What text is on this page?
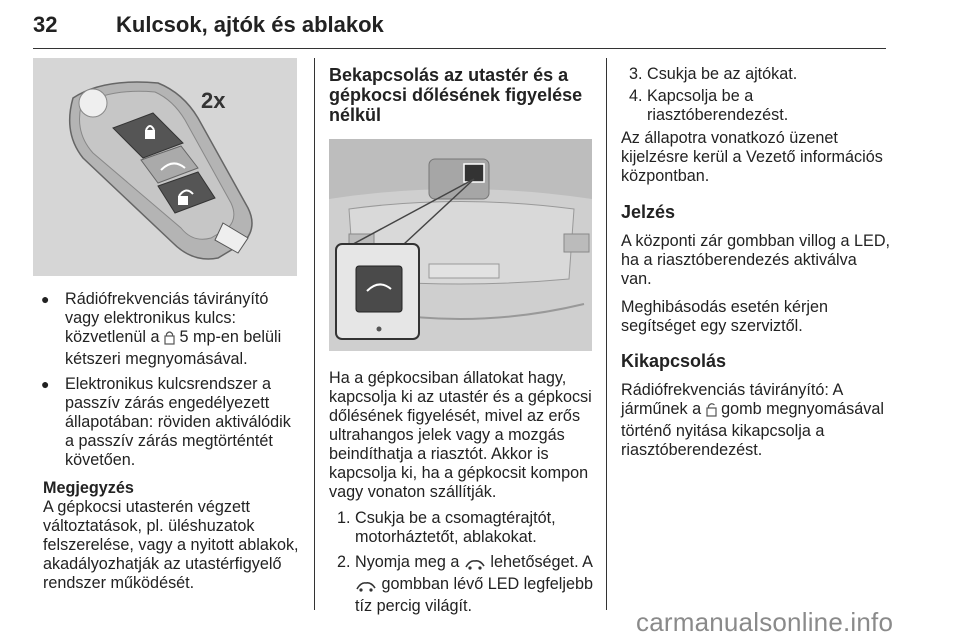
32	Kulcsok, ajtók és ablakok
2x
● Rádiófrekvenciás távirányító
vagy elektronikus kulcs:
közvetlenül a 5 mp-en belüli
kétszeri megnyomásával.
● Elektronikus kulcsrendszer a
passzív zárás engedélyezett
állapotában: röviden aktiválódik
a passzív zárás megtörténtét
követően.
Megjegyzés
A gépkocsi utasterén végzett
változtatások, pl. üléshuzatok
felszerelése, vagy a nyitott ablakok,
akadályozhatják az utastérfigyelő
rendszer működését.
Bekapcsolás az utastér és a
gépkocsi dőlésének figyelése
nélkül
Ha a gépkocsiban állatokat hagy,
kapcsolja ki az utastér és a gépkocsi
dőlésének figyelését, mivel az erős
ultrahangos jelek vagy a mozgás
beindíthatja a riasztót. Akkor is
kapcsolja ki, ha a gépkocsit kompon
vagy vonaton szállítják.
1. Csukja be a csomagtérajtót,
motorháztetőt, ablakokat.
2. Nyomja meg a lehetőséget. A
gombban lévő LED legfeljebb
tíz percig világít.
3. Csukja be az ajtókat.
4. Kapcsolja be a
riasztóberendezést.
Az állapotra vonatkozó üzenet
kijelzésre kerül a Vezető információs
központban.
Jelzés
A központi zár gombban villog a LED,
ha a riasztóberendezés aktiválva van.
Meghibásodás esetén kérjen
segítséget egy szerviztől.
Kikapcsolás
Rádiófrekvenciás távirányító: A
járműnek a gomb megnyomásával
történő nyitása kikapcsolja a
riasztóberendezést.
carmanualsonline.info
